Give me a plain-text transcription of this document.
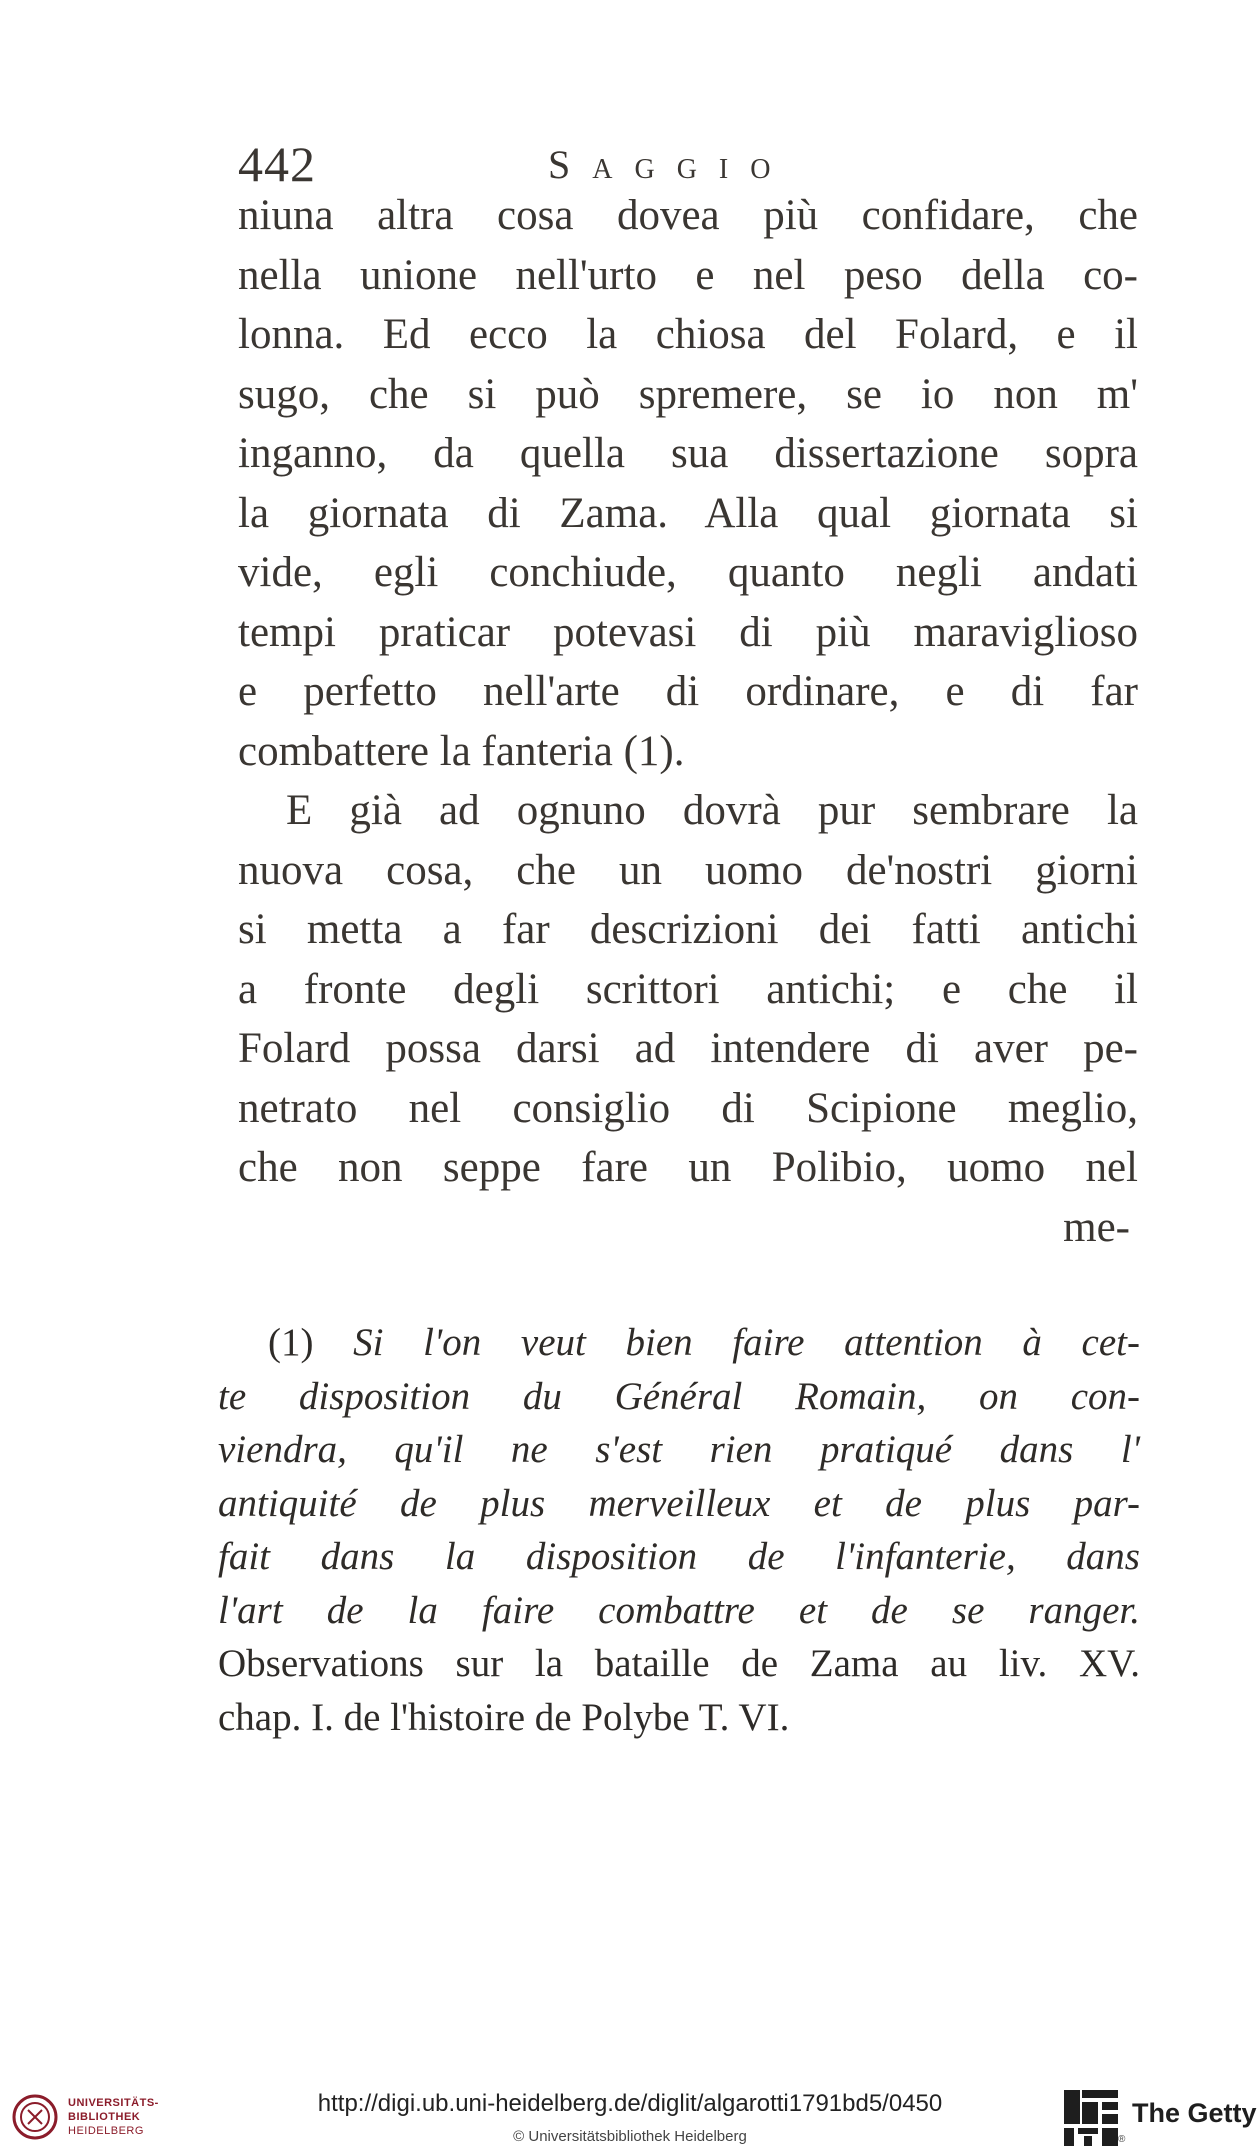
442	SAGGIO
niuna altra cosa dovea più confidare, che
nella unione nell'urto e nel peso della co-
lonna. Ed ecco la chiosa del Folard, e il
sugo, che si può spremere, se io non m'
inganno, da quella sua dissertazione sopra
la giornata di Zama. Alla qual giornata si
vide, egli conchiude, quanto negli andati
tempi praticar potevasi di più maraviglioso
e perfetto nell'arte di ordinare, e di far
combattere la fanteria (1).
E già ad ognuno dovrà pur sembrare la
nuova cosa, che un uomo de'nostri giorni
si metta a far descrizioni dei fatti antichi
a fronte degli scrittori antichi; e che il
Folard possa darsi ad intendere di aver pe-
netrato nel consiglio di Scipione meglio,
che non seppe fare un Polibio, uomo nel
me-
(1) Si l'on veut bien faire attention à cet-
te disposition du Général Romain, on con-
viendra, qu'il ne s'est rien pratiqué dans l'
antiquité de plus merveilleux et de plus par-
fait dans la disposition de l'infanterie, dans
l'art de la faire combattre et de se ranger.
Observations sur la bataille de Zama au liv. XV.
chap. I. de l'histoire de Polybe T. VI.
UNIVERSITÄTS-
BIBLIOTHEK
HEIDELBERG
http://digi.ub.uni-heidelberg.de/diglit/algarotti1791bd5/0450
© Universitätsbibliothek Heidelberg	®
The Getty
